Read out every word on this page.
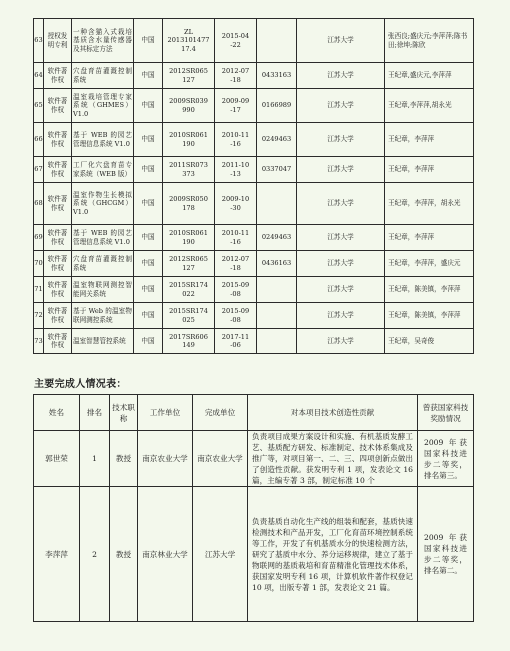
63	授权发明专利	一种含猫入式栽培基质含水量传感器及其标定方法	中国	ZL 2013101477 17.4	2015-04 -22		江苏大学	张西良;盛庆元;李萍萍;陈书田;徐坤;陈欣
64	软件著作权	穴盘育苗灌溉控制系统	中国	2012SR065 127	2012-07 -18	0433163	江苏大学	王纪章,盛庆元,李萍萍
65	软件著作权	温室栽培管理专家系统（GHMES）V1.0	中国	2009SR039 990	2009-09 -17	0166989	江苏大学	王纪章,李萍萍,胡永光
66	软件著作权	基于 WEB 的园艺管理信息系统 V1.0	中国	2010SR061 190	2010-11 -16	0249463	江苏大学	王纪章，李萍萍
67	软件著作权	工厂化穴盘育苗专家系统（WEB 版）	中国	2011SR073 373	2011-10 -13	0337047	江苏大学	王纪章，李萍萍
68	软件著作权	温室作物生长模拟系统（GHCGM）V1.0	中国	2009SR050 178	2009-10 -30		江苏大学	王纪章，李萍萍，胡永光
69	软件著作权	基于 WEB 的园艺管理信息系统 V1.0	中国	2010SR061 190	2010-11 -16	0249463	江苏大学	王纪章，李萍萍
70	软件著作权	穴盘育苗灌溉控制系统	中国	2012SR065 127	2012-07 -18	0436163	江苏大学	王纪章，李萍萍，盛庆元
71	软件著作权	温室物联网测控智能网关系统	中国	2015SR174 022	2015-09 -08		江苏大学	王纪章，陈美镇，李萍萍
72	软件著作权	基于 Web 的温室物联网测控系统	中国	2015SR174 025	2015-09 -08		江苏大学	王纪章，陈美镇，李萍萍
73	软件著作权	温室智慧管控系统	中国	2017SR606 149	2017-11 -06		江苏大学	王纪章，吴奇俊
主要完成人情况表：
姓名	排名	技术职称	工作单位	完成单位	对本项目技术创造性贡献	曾获国家科技奖励情况
郭世荣	1	教授	南京农业大学	南京农业大学	负责项目成果方案设计和实施、有机基质发酵工艺、基质配方研发、标准制定、技术体系集成及推广等，对项目第一、二、三、四项创新点做出了创造性贡献。获发明专利 1 项，发表论文 16 篇，主编专著 3 部，制定标准 10 个	2009 年获国家科技进步二等奖，排名第三。
李萍萍	2	教授	南京林业大学	江苏大学	负责基质自动化生产线的组装和配套，基质快速检测技术和产品开发，工厂化育苗环境控制系统等工作，开发了有机基质水分的快速检测方法，研究了基质中水分、养分运移规律，建立了基于物联网的基质栽培和育苗精准化管理技术体系，获国家发明专利 16 项，计算机软件著作权登记 10 项，出版专著 1 部，发表论文 21 篇。	2009 年获国家科技进步二等奖，排名第二。
